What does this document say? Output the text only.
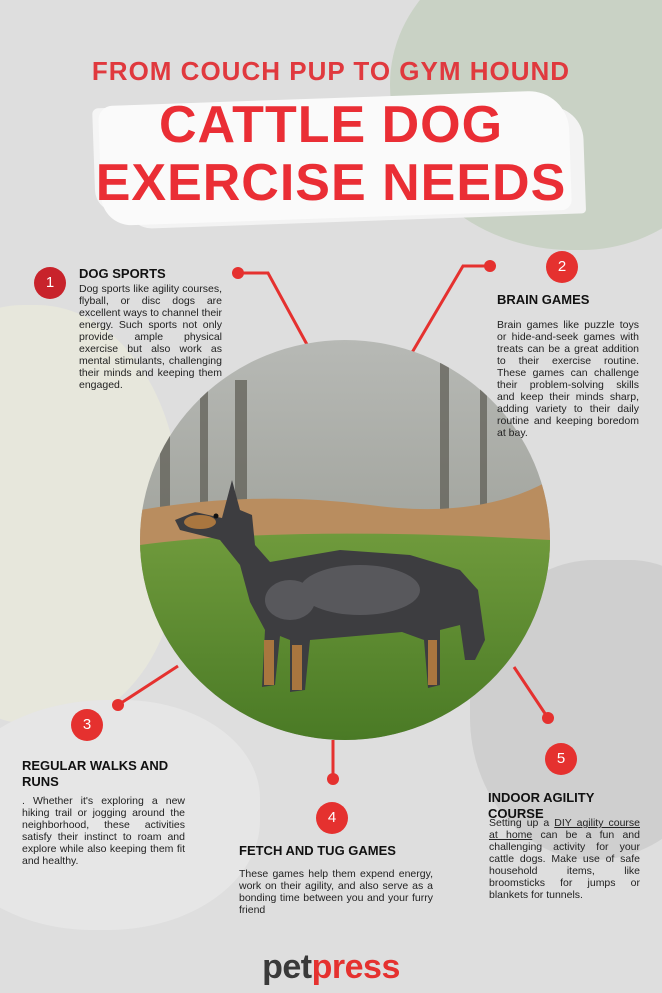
FROM COUCH PUP TO GYM HOUND
CATTLE DOG
EXERCISE NEEDS
1
DOG SPORTS
Dog sports like agility courses, flyball, or disc dogs are excellent ways to channel their energy. Such sports not only provide ample physical exercise but also work as mental stimulants, challenging their minds and keeping them engaged.
2
BRAIN GAMES
Brain games like puzzle toys or hide-and-seek games with treats can be a great addition to their exercise routine. These games can challenge their problem-solving skills and keep their minds sharp, adding variety to their daily routine and keeping boredom at bay.
3
REGULAR WALKS AND RUNS
. Whether it's exploring a new hiking trail or jogging around the neighborhood, these activities satisfy their instinct to roam and explore while also keeping them fit and healthy.
4
FETCH AND TUG GAMES
These games help them expend energy, work on their agility, and also serve as a bonding time between you and your furry friend
5
INDOOR AGILITY COURSE
Setting up a DIY agility course at home can be a fun and challenging activity for your cattle dogs. Make use of safe household items, like broomsticks for jumps or blankets for tunnels.
petpress
